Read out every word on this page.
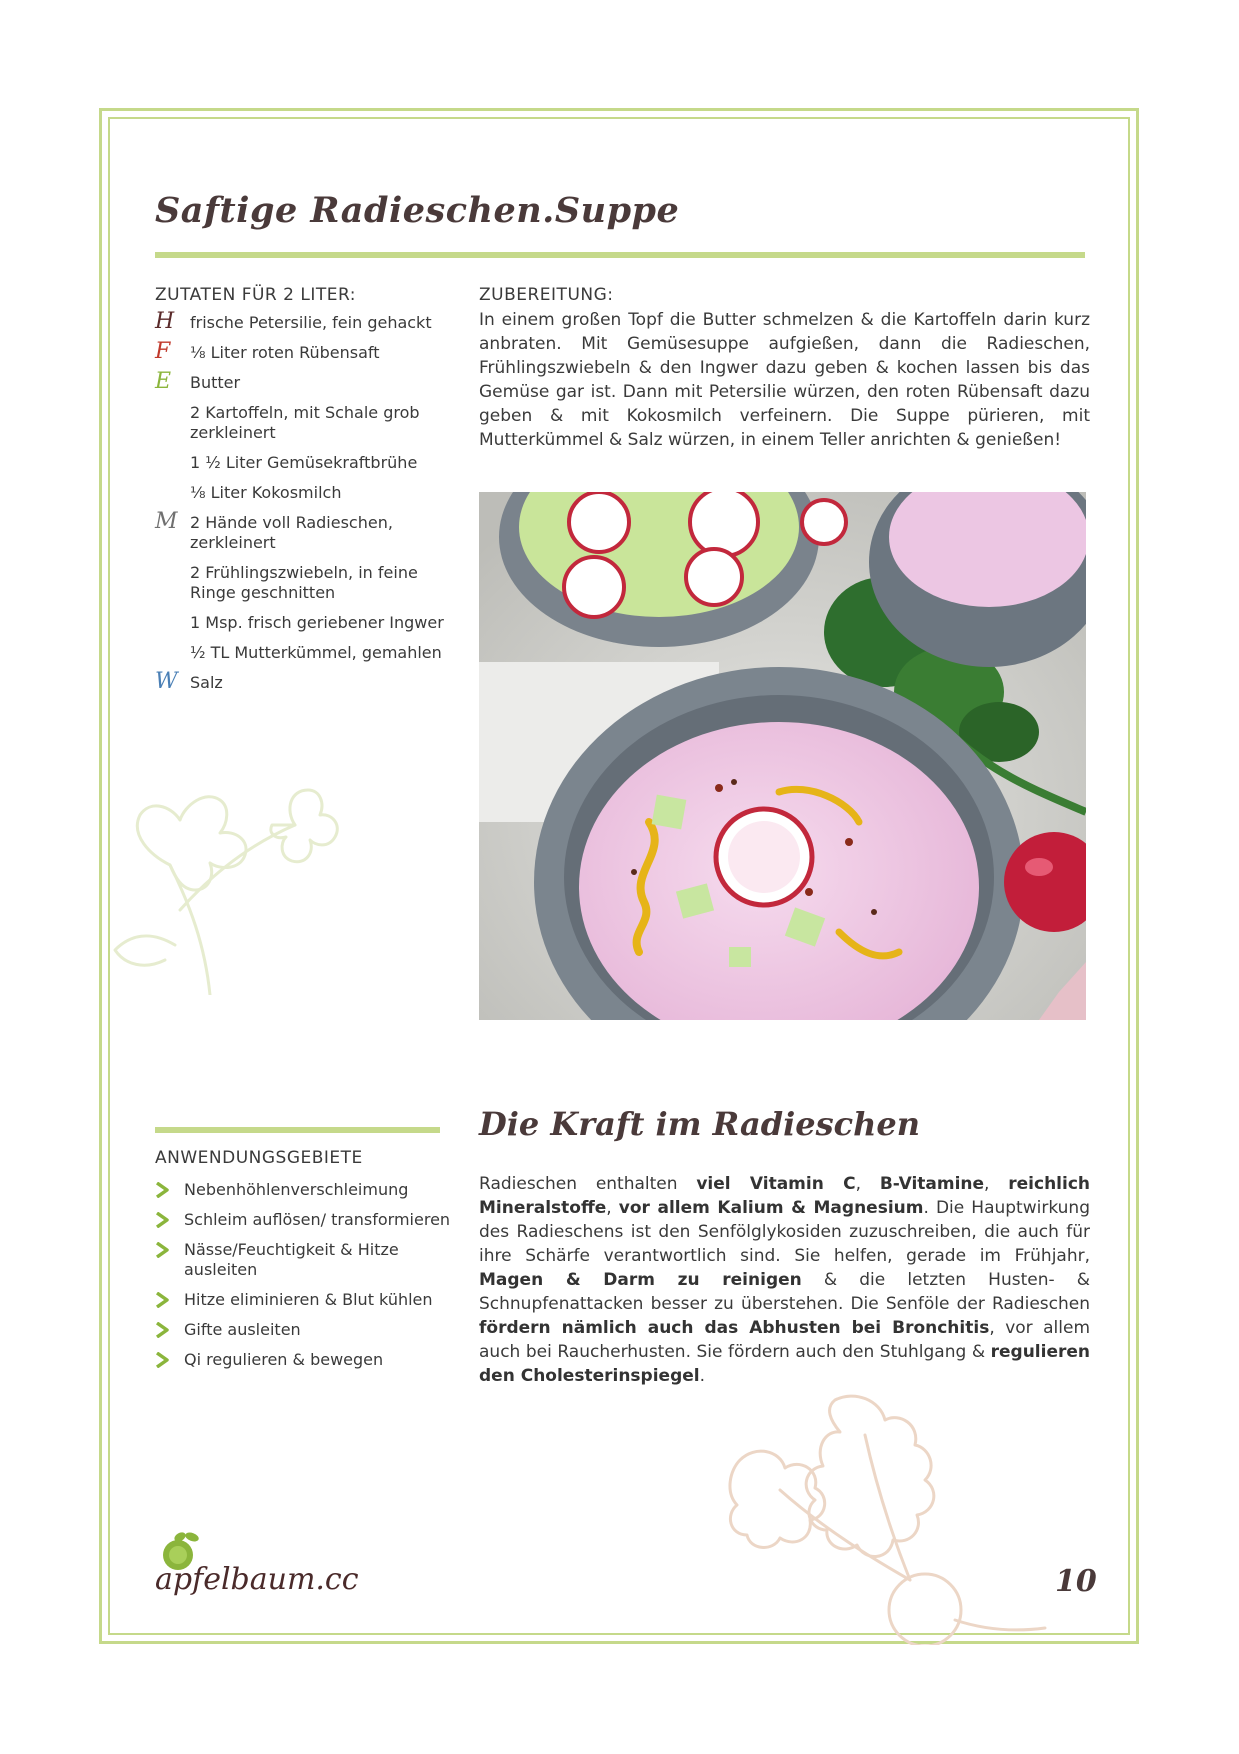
Saftige Radieschen.Suppe
ZUTATEN FÜR 2 LITER:
H frische Petersilie, fein gehackt
F	⅛ Liter roten Rübensaft
E	Butter
2 Kartoffeln, mit Schale grob zerkleinert
1 ½ Liter Gemüsekraftbrühe
⅛ Liter Kokosmilch
M 2 Hände voll Radieschen, zerkleinert
2 Frühlingszwiebeln, in feine Ringe geschnitten
1 Msp. frisch geriebener Ingwer
½ TL Mutterkümmel, gemahlen
W Salz
ZUBEREITUNG:

In einem großen Topf die Butter schmelzen & die Kartoffeln darin kurz anbraten. Mit Gemüsesuppe aufgießen, dann die Radieschen, Frühlingszwiebeln & den Ingwer dazu geben & kochen lassen bis das Gemüse gar ist. Dann mit Petersilie würzen, den roten Rübensaft dazu geben & mit Kokosmilch verfeinern. Die Suppe pürieren, mit Mutterkümmel & Salz würzen, in einem Teller anrichten & genießen!

ANWENDUNGSGEBIETE
Nebenhöhlenverschleimung
Schleim auflösen/ transformieren
Nässe/Feuchtigkeit & Hitze ausleiten
Hitze eliminieren & Blut kühlen
Gifte ausleiten
Qi regulieren & bewegen
Die Kraft im Radieschen

Radieschen enthalten viel Vitamin C, B-Vitamine, reichlich Mineralstoffe, vor allem Kalium & Magnesium. Die Hauptwirkung des Radieschens ist den Senfölglykosiden zuzuschreiben, die auch für ihre Schärfe verantwortlich sind. Sie helfen, gerade im Frühjahr, Magen & Darm zu reinigen & die letzten Husten- & Schnupfenattacken besser zu überstehen. Die Senföle der Radieschen fördern nämlich auch das Abhusten bei Bronchitis, vor allem auch bei Raucherhusten. Sie fördern auch den Stuhlgang & regulieren den Cholesterinspiegel.

apfelbaum.cc	10
